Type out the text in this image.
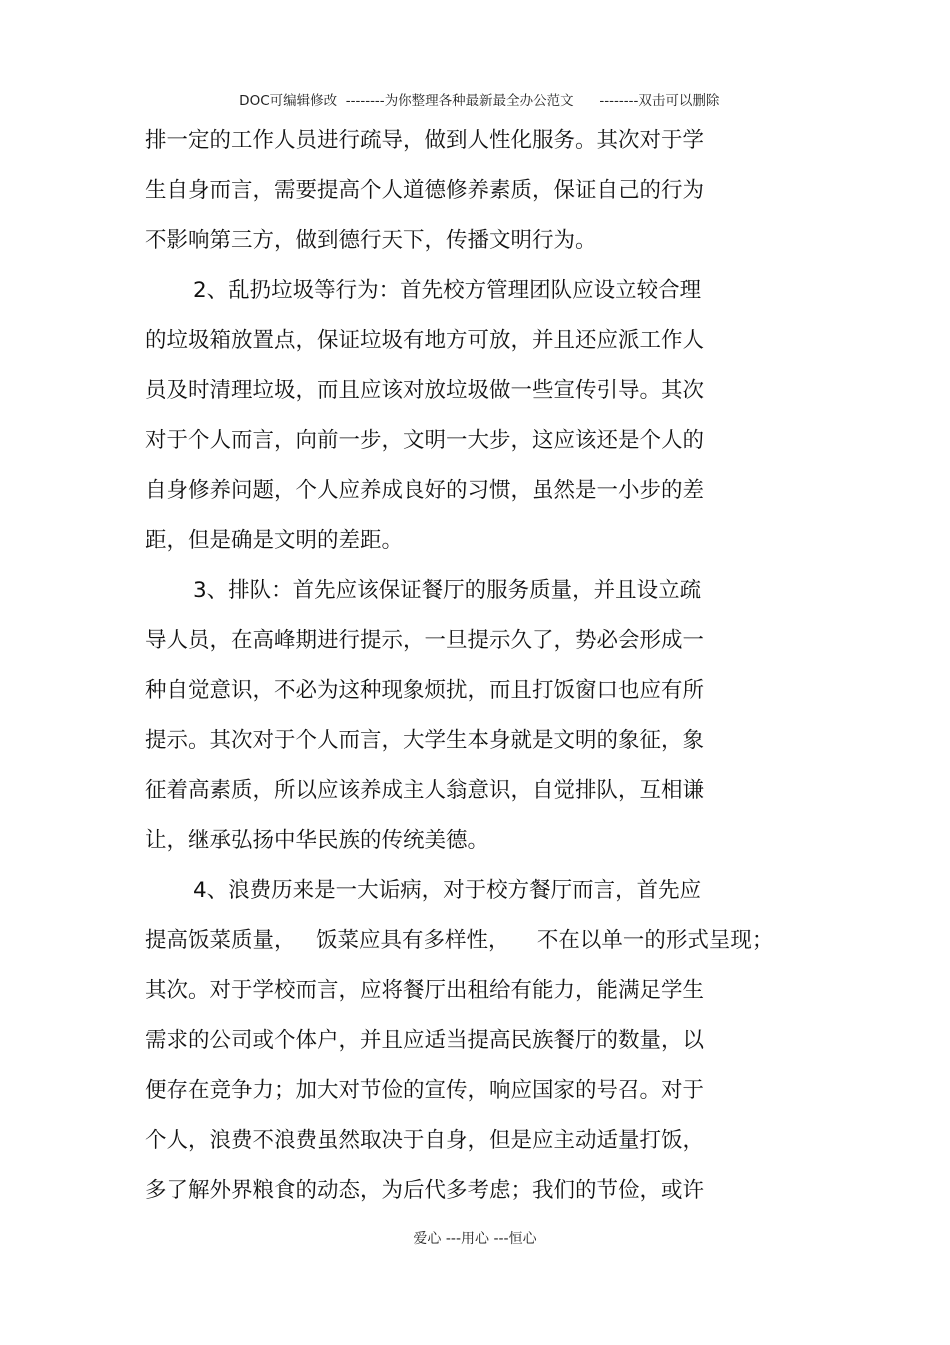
DOC可编辑修改  --------为你整理各种最新最全办公范文      --------双击可以删除

排一定的工作人员进行疏导，做到人性化服务。其次对于学
生自身而言，需要提高个人道德修养素质，保证自己的行为
不影响第三方，做到德行天下，传播文明行为。
2、乱扔垃圾等行为：首先校方管理团队应设立较合理
的垃圾箱放置点，保证垃圾有地方可放，并且还应派工作人
员及时清理垃圾，而且应该对放垃圾做一些宣传引导。其次
对于个人而言，向前一步，文明一大步，这应该还是个人的
自身修养问题，个人应养成良好的习惯，虽然是一小步的差
距，但是确是文明的差距。
3、排队：首先应该保证餐厅的服务质量，并且设立疏
导人员，在高峰期进行提示，一旦提示久了，势必会形成一
种自觉意识，不必为这种现象烦扰，而且打饭窗口也应有所
提示。其次对于个人而言，大学生本身就是文明的象征，象
征着高素质，所以应该养成主人翁意识，自觉排队，互相谦
让，继承弘扬中华民族的传统美德。
4、浪费历来是一大诟病，对于校方餐厅而言，首先应
提高饭菜质量，   饭菜应具有多样性，    不在以单一的形式呈现；
其次。对于学校而言，应将餐厅出租给有能力，能满足学生
需求的公司或个体户，并且应适当提高民族餐厅的数量，以
便存在竞争力；加大对节俭的宣传，响应国家的号召。对于
个人，浪费不浪费虽然取决于自身，但是应主动适量打饭，
多了解外界粮食的动态，为后代多考虑；我们的节俭，或许
爱心 ---用心 ---恒心
